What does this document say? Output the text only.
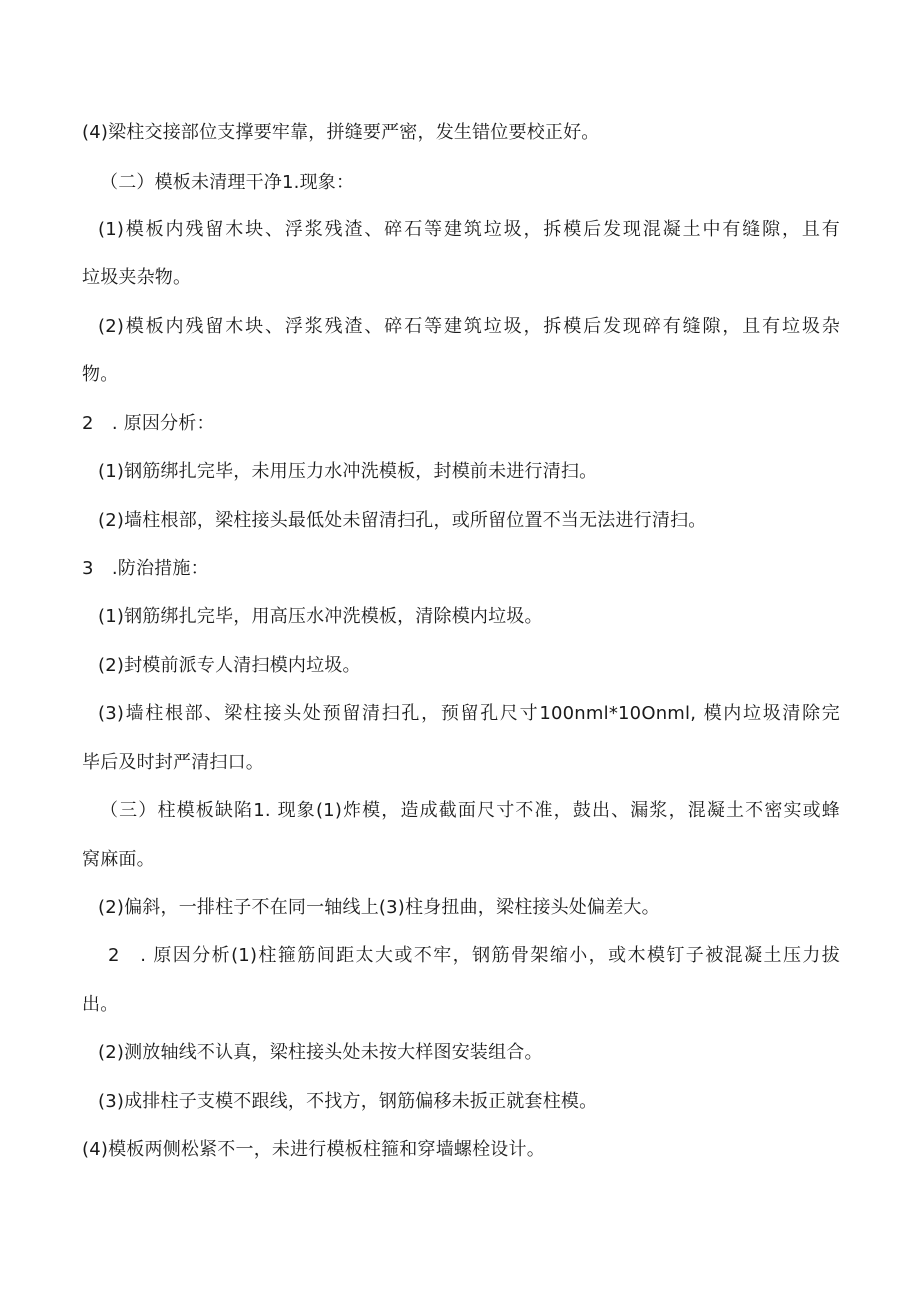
(4)梁柱交接部位支撑要牢靠，拼缝要严密，发生错位要校正好。
（二）模板未清理干净1.现象：
(1)模板内残留木块、浮浆残渣、碎石等建筑垃圾，拆模后发现混凝土中有缝隙，且有
垃圾夹杂物。
(2)模板内残留木块、浮浆残渣、碎石等建筑垃圾，拆模后发现碎有缝隙，且有垃圾杂
物。
2　. 原因分析：
(1)钢筋绑扎完毕，未用压力水冲洗模板，封模前未进行清扫。
(2)墙柱根部，梁柱接头最低处未留清扫孔，或所留位置不当无法进行清扫。
3　.防治措施：
(1)钢筋绑扎完毕，用高压水冲洗模板，清除模内垃圾。
(2)封模前派专人清扫模内垃圾。
(3)墙柱根部、梁柱接头处预留清扫孔，预留孔尺寸100nml*10Onml, 模内垃圾清除完
毕后及时封严清扫口。
（三）柱模板缺陷1. 现象(1)炸模，造成截面尺寸不准，鼓出、漏浆，混凝土不密实或蜂
窝麻面。
(2)偏斜，一排柱子不在同一轴线上(3)柱身扭曲，梁柱接头处偏差大。
2　. 原因分析(1)柱箍筋间距太大或不牢，钢筋骨架缩小，或木模钉子被混凝土压力拔
出。
(2)测放轴线不认真，梁柱接头处未按大样图安装组合。
(3)成排柱子支模不跟线，不找方，钢筋偏移未扳正就套柱模。
(4)模板两侧松紧不一，未进行模板柱箍和穿墙螺栓设计。
